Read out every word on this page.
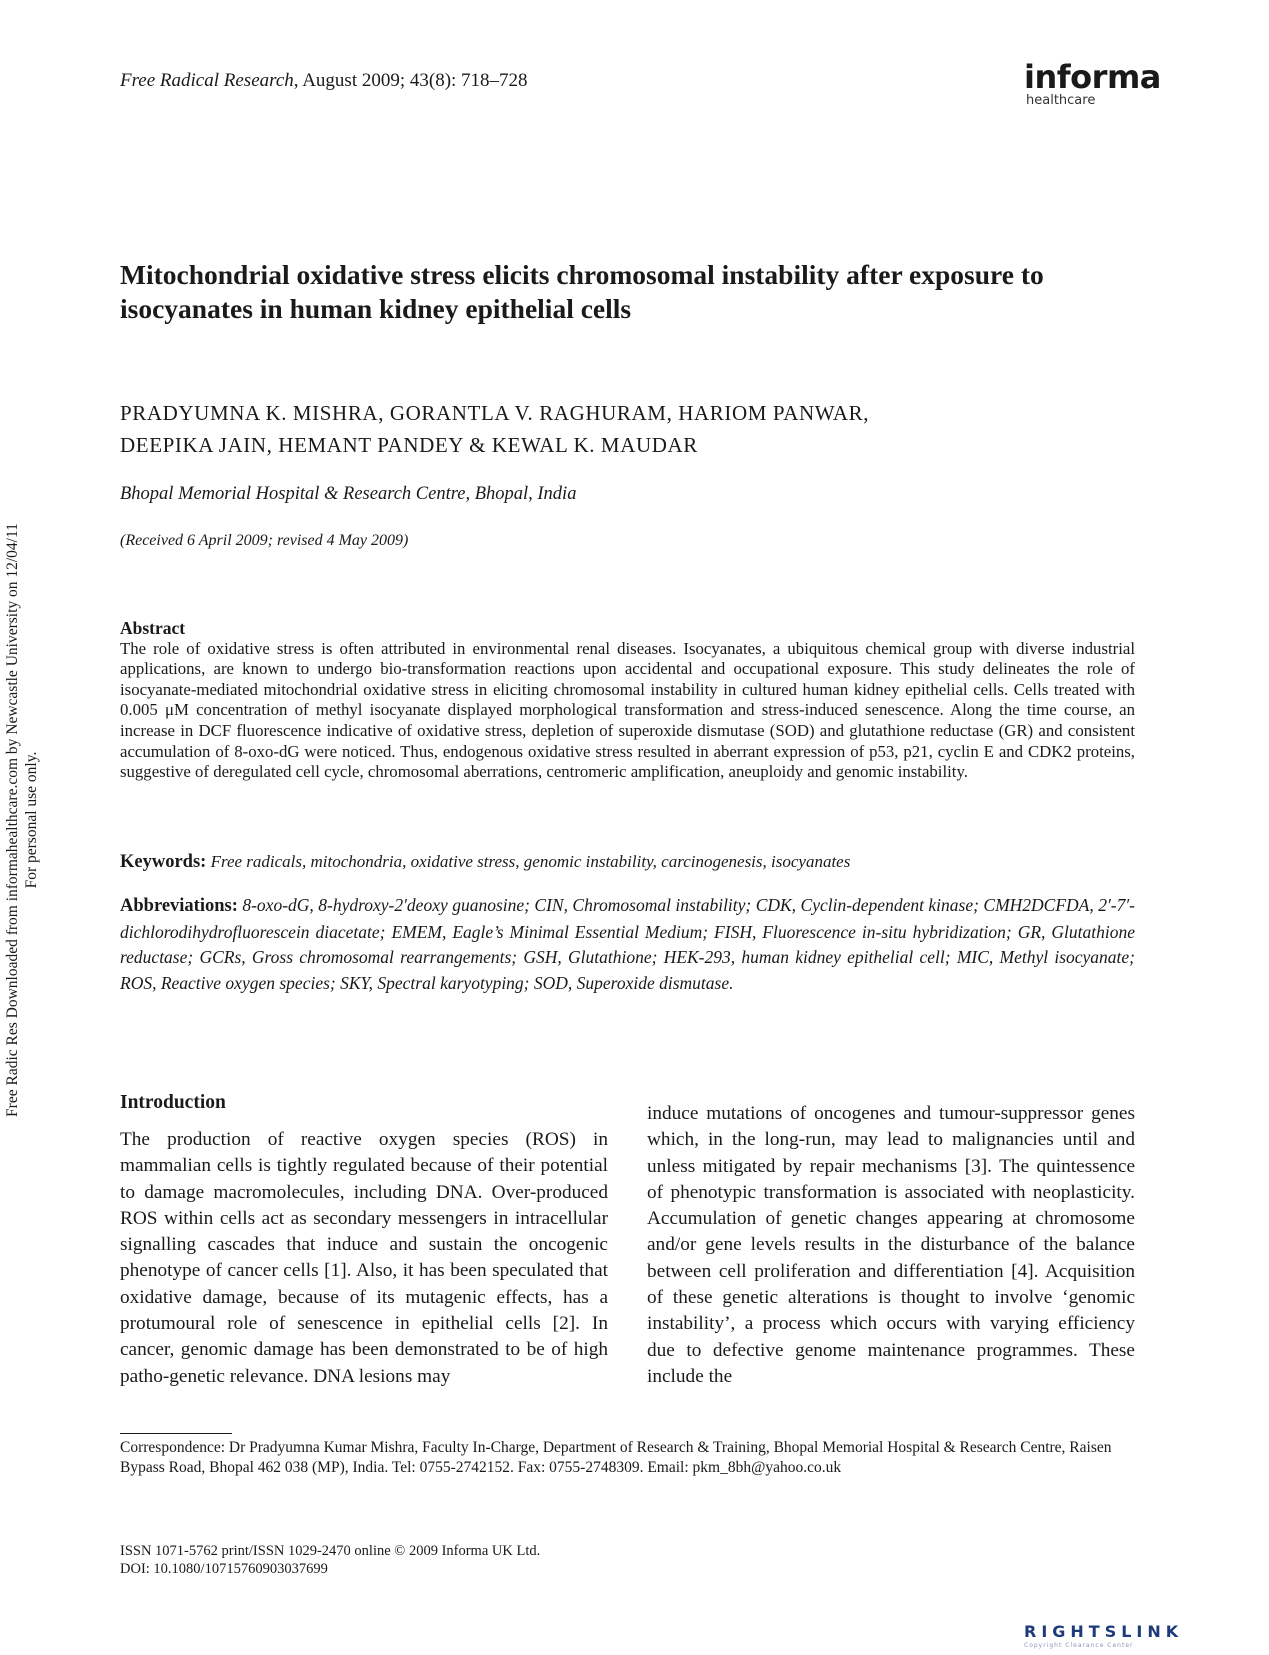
Free Radical Research, August 2009; 43(8): 718–728	informa
healthcare
Mitochondrial oxidative stress elicits chromosomal instability after exposure to isocyanates in human kidney epithelial cells
PRADYUMNA K. MISHRA, GORANTLA V. RAGHURAM, HARIOM PANWAR,
DEEPIKA JAIN, HEMANT PANDEY & KEWAL K. MAUDAR
Bhopal Memorial Hospital & Research Centre, Bhopal, India
(Received 6 April 2009; revised 4 May 2009)
Free Radic Res Downloaded from informahealthcare.com by Newcastle University on 12/04/11 For personal use only.
Abstract
The role of oxidative stress is often attributed in environmental renal diseases. Isocyanates, a ubiquitous chemical group with diverse industrial applications, are known to undergo bio-transformation reactions upon accidental and occupational exposure. This study delineates the role of isocyanate-mediated mitochondrial oxidative stress in eliciting chromosomal instability in cultured human kidney epithelial cells. Cells treated with 0.005 μM concentration of methyl isocyanate displayed morphological transformation and stress-induced senescence. Along the time course, an increase in DCF fluorescence indicative of oxidative stress, depletion of superoxide dismutase (SOD) and glutathione reductase (GR) and consistent accumulation of 8-oxo-dG were noticed. Thus, endogenous oxidative stress resulted in aberrant expression of p53, p21, cyclin E and CDK2 proteins, suggestive of deregulated cell cycle, chromosomal aberrations, centromeric amplification, aneuploidy and genomic instability.
Keywords: Free radicals, mitochondria, oxidative stress, genomic instability, carcinogenesis, isocyanates
Abbreviations: 8-oxo-dG, 8-hydroxy-2′deoxy guanosine; CIN, Chromosomal instability; CDK, Cyclin-dependent kinase; CMH2DCFDA, 2′-7′- dichlorodihydrofluorescein diacetate; EMEM, Eagle’s Minimal Essential Medium; FISH, Fluorescence in-situ hybridization; GR, Glutathione reductase; GCRs, Gross chromosomal rearrangements; GSH, Glutathione; HEK-293, human kidney epithelial cell; MIC, Methyl isocyanate; ROS, Reactive oxygen species; SKY, Spectral karyotyping; SOD, Superoxide dismutase.
Introduction
The production of reactive oxygen species (ROS) in mammalian cells is tightly regulated because of their potential to damage macromolecules, including DNA. Over-produced ROS within cells act as secondary messengers in intracellular signalling cascades that induce and sustain the oncogenic phenotype of cancer cells [1]. Also, it has been speculated that oxidative damage, because of its mutagenic effects, has a protumoural role of senescence in epithelial cells [2]. In cancer, genomic damage has been demonstrated to be of high patho-genetic relevance. DNA lesions may
induce mutations of oncogenes and tumour-suppressor genes which, in the long-run, may lead to malignancies until and unless mitigated by repair mechanisms [3]. The quintessence of phenotypic transformation is associated with neoplasticity. Accumulation of genetic changes appearing at chromosome and/or gene levels results in the disturbance of the balance between cell proliferation and differentiation [4]. Acquisition of these genetic alterations is thought to involve ‘genomic instability’, a process which occurs with varying efficiency due to defective genome maintenance programmes. These include the
Correspondence: Dr Pradyumna Kumar Mishra, Faculty In-Charge, Department of Research & Training, Bhopal Memorial Hospital & Research Centre, Raisen Bypass Road, Bhopal 462 038 (MP), India. Tel: 0755-2742152. Fax: 0755-2748309. Email: pkm_8bh@yahoo.co.uk
ISSN 1071-5762 print/ISSN 1029-2470 online © 2009 Informa UK Ltd.
DOI: 10.1080/10715760903037699
RIGHTSLINK
Copyright Clearance Center
